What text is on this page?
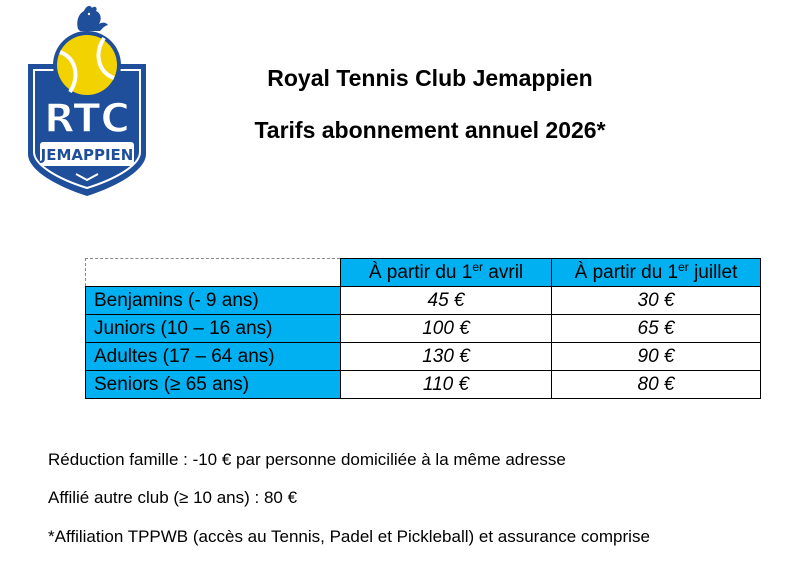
RTC
JEMAPPIEN
Royal Tennis Club Jemappien
Tarifs abonnement annuel 2026*
	À partir du 1er avril	À partir du 1er juillet
Benjamins (- 9 ans)	45 €	30 €
Juniors (10 – 16 ans)	100 €	65 €
Adultes (17 – 64 ans)	130 €	90 €
Seniors (≥ 65 ans)	110 €	80 €
Réduction famille : -10 € par personne domiciliée à la même adresse
Affilié autre club (≥ 10 ans) : 80 €
*Affiliation TPPWB (accès au Tennis, Padel et Pickleball) et assurance comprise
